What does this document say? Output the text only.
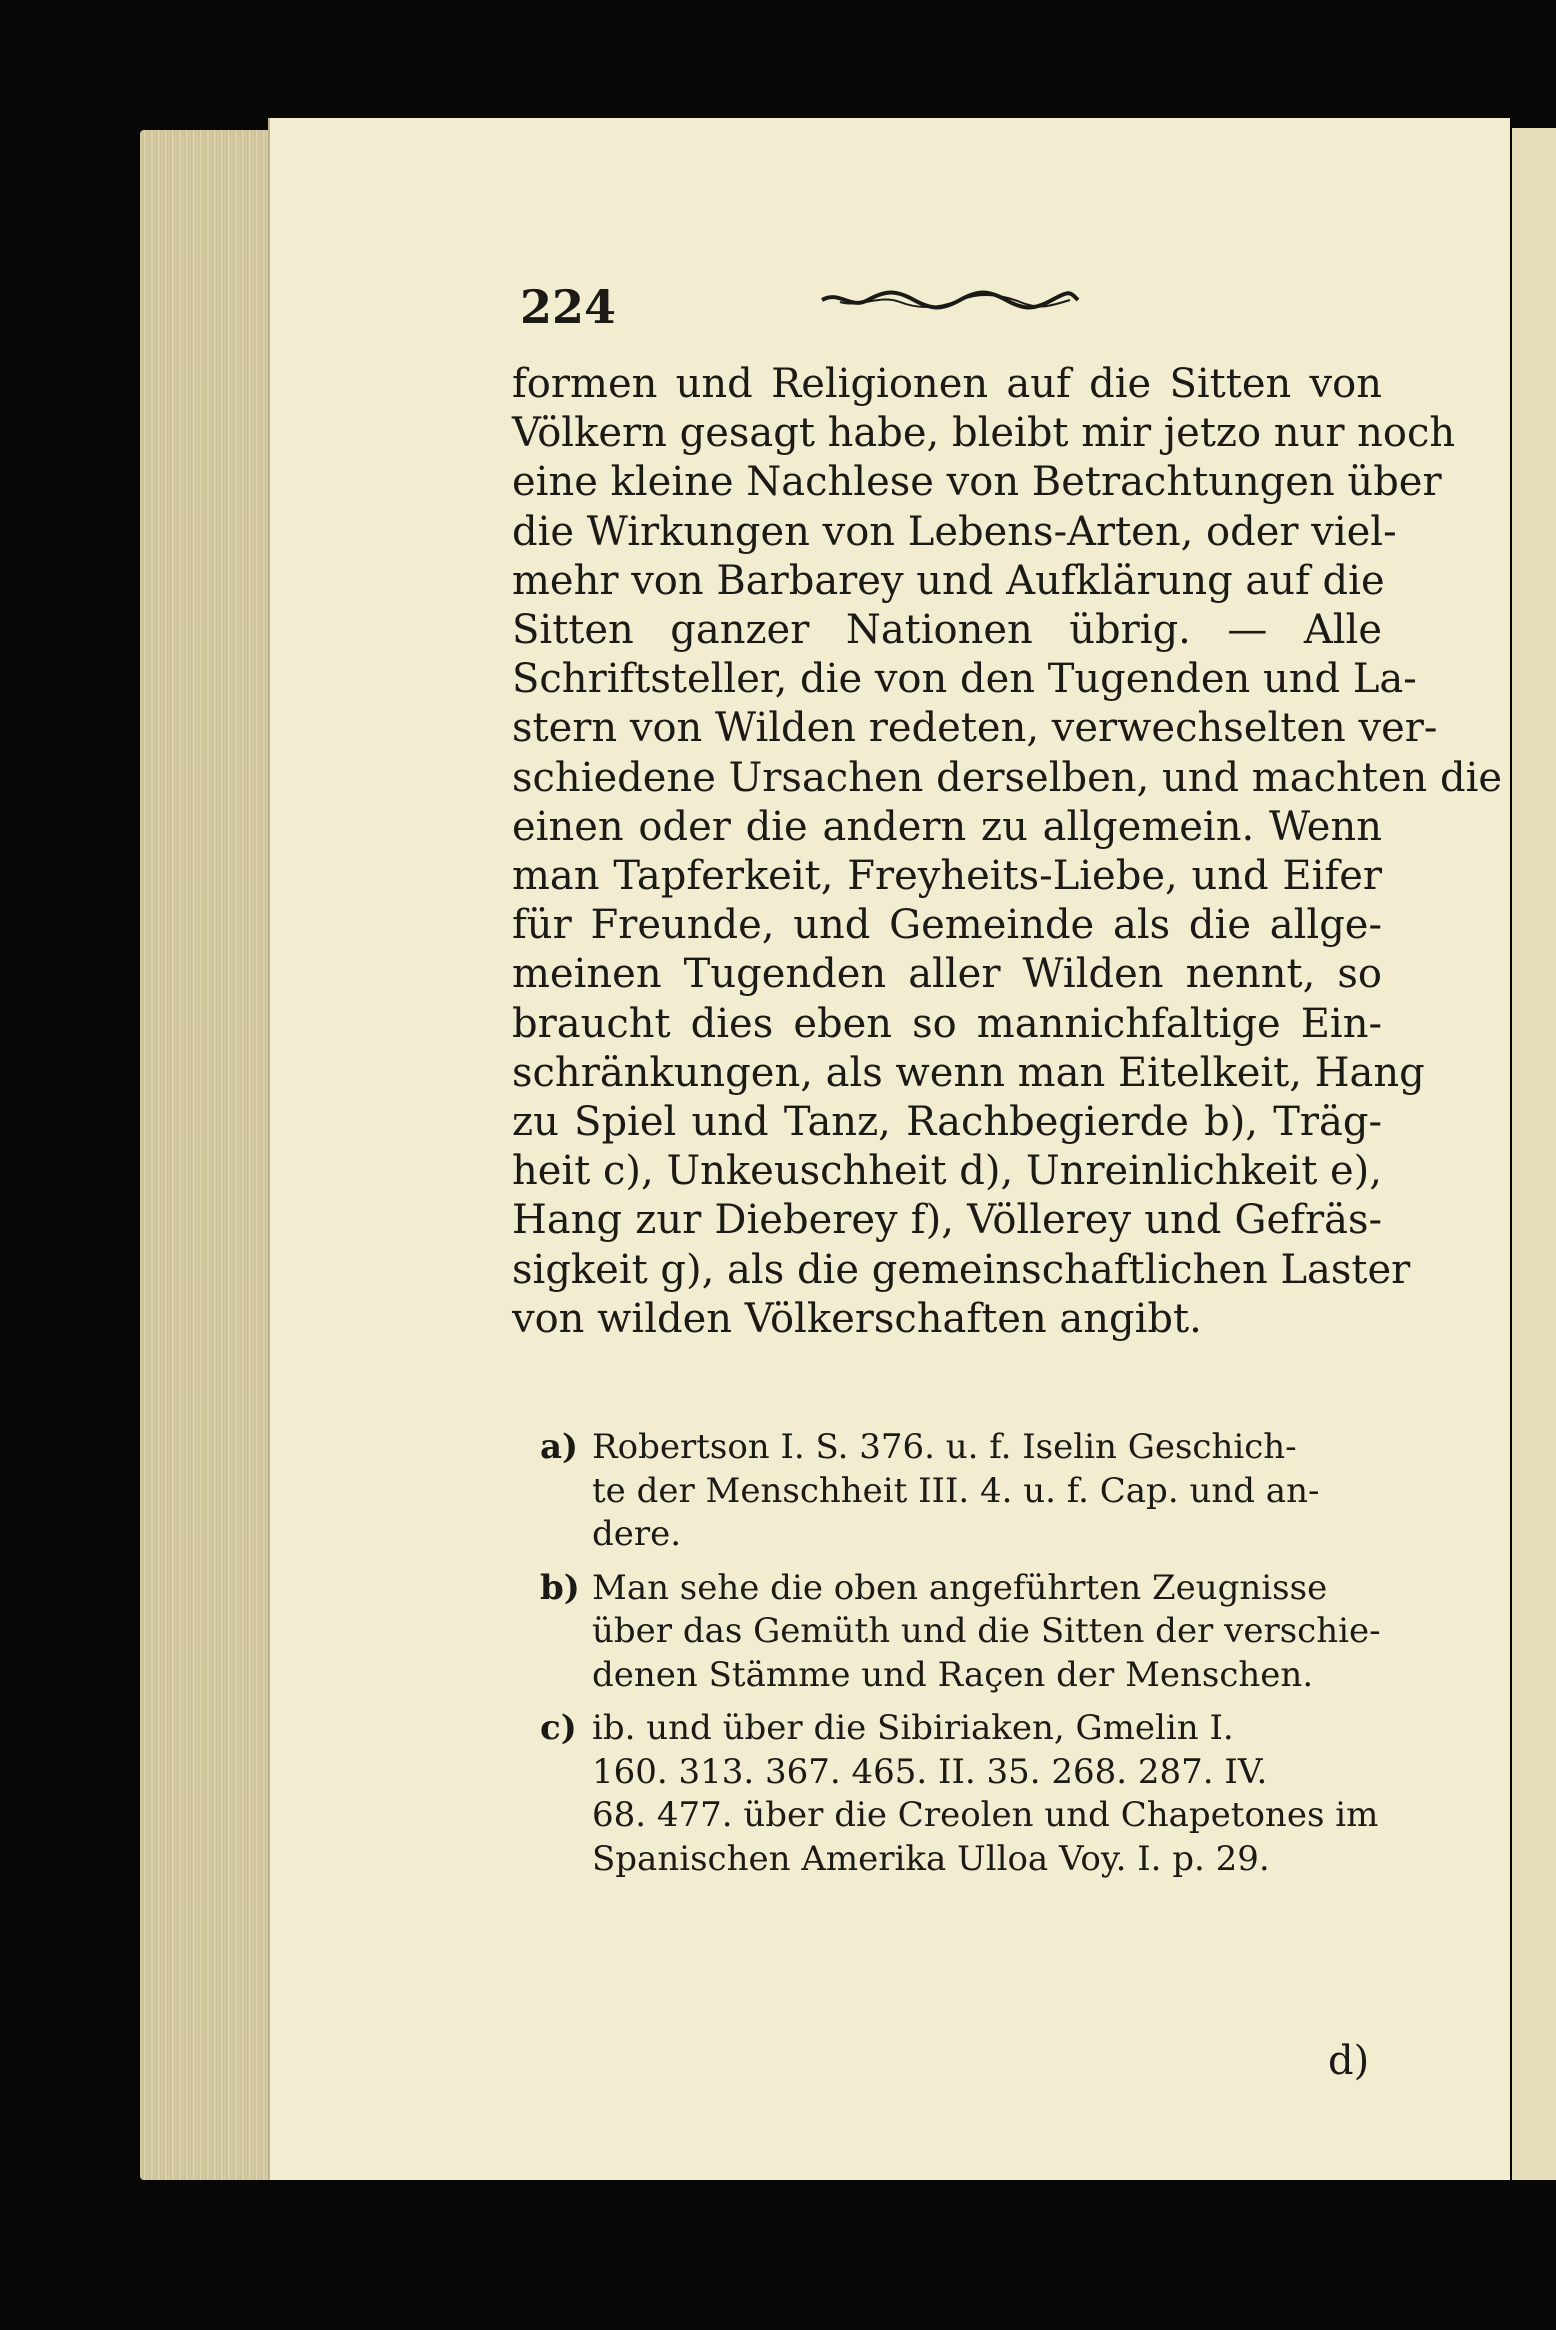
224
formen und Religionen auf die Sitten von
Völkern gesagt habe, bleibt mir jetzo nur noch
eine kleine Nachlese von Betrachtungen über
die Wirkungen von Lebens-Arten, oder viel-
mehr von Barbarey und Aufklärung auf die
Sitten ganzer Nationen übrig. — Alle
Schriftsteller, die von den Tugenden und La-
stern von Wilden redeten, verwechselten ver-
schiedene Ursachen derselben, und machten die
einen oder die andern zu allgemein. Wenn
man Tapferkeit, Freyheits-Liebe, und Eifer
für Freunde, und Gemeinde als die allge-
meinen Tugenden aller Wilden nennt, so
braucht dies eben so mannichfaltige Ein-
schränkungen, als wenn man Eitelkeit, Hang
zu Spiel und Tanz, Rachbegierde b), Träg-
heit c), Unkeuschheit d), Unreinlichkeit e),
Hang zur Dieberey f), Völlerey und Gefräs-
sigkeit g), als die gemeinschaftlichen Laster
von wilden Völkerschaften angibt.
a) Robertson I. S. 376. u. f. Iselin Geschich-
te der Menschheit III. 4. u. f. Cap. und an-
dere.
b) Man sehe die oben angeführten Zeugnisse
über das Gemüth und die Sitten der verschie-
denen Stämme und Raçen der Menschen.
c) ib. und über die Sibiriaken, Gmelin I.
160. 313. 367. 465. II. 35. 268. 287. IV.
68. 477. über die Creolen und Chapetones im
Spanischen Amerika Ulloa Voy. I. p. 29.
d)
